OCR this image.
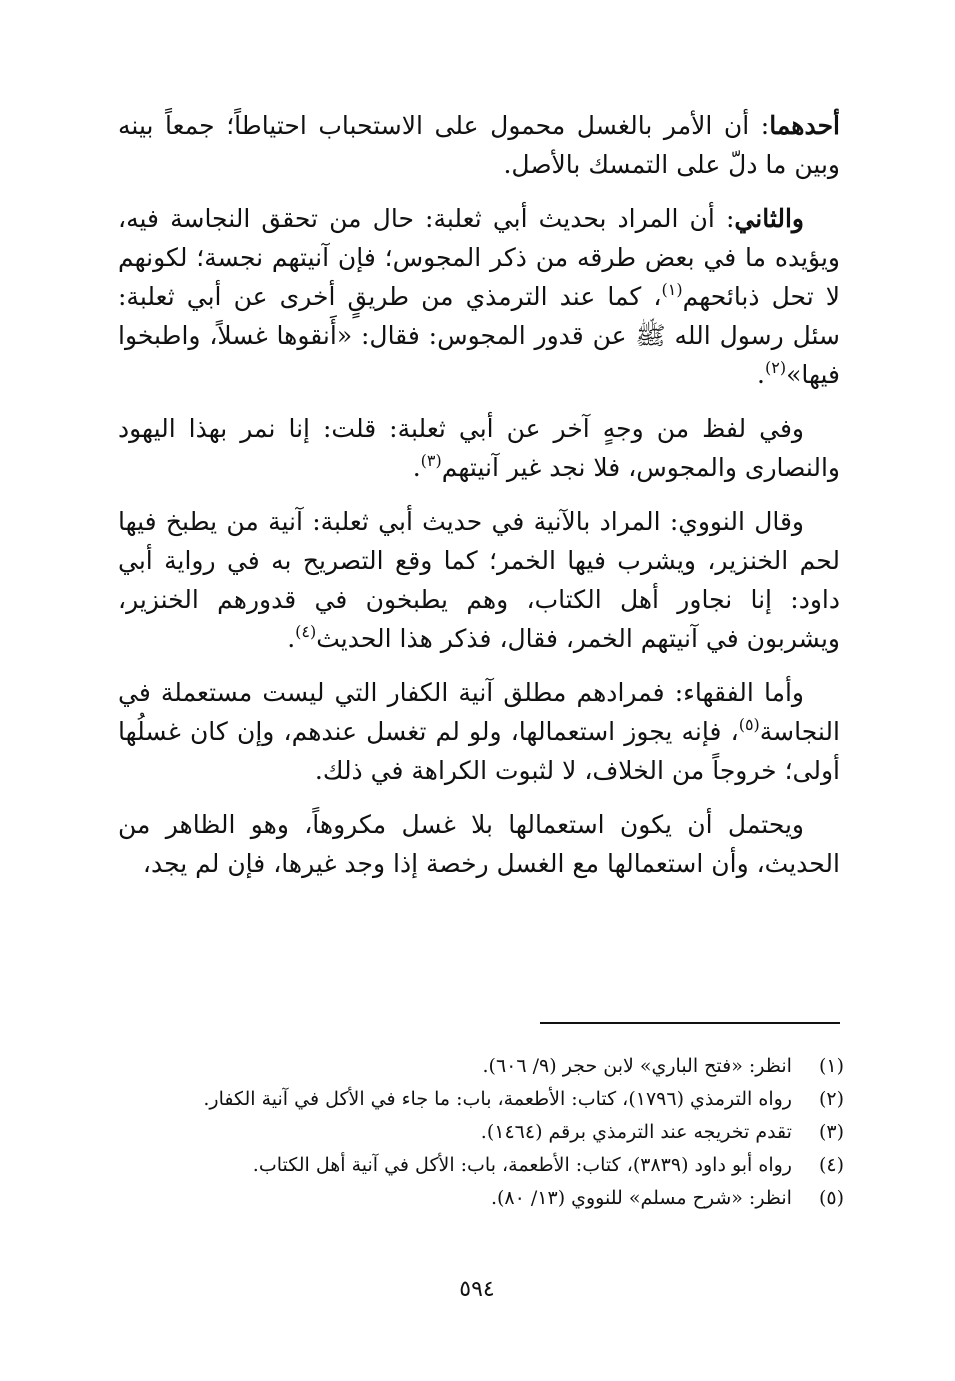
أحدهما: أن الأمر بالغسل محمول على الاستحباب احتياطاً؛ جمعاً بينه وبين ما دلّ على التمسك بالأصل.

والثاني: أن المراد بحديث أبي ثعلبة: حال من تحقق النجاسة فيه، ويؤيده ما في بعض طرقه من ذكر المجوس؛ فإن آنيتهم نجسة؛ لكونهم لا تحل ذبائحهم$^{(١)}$، كما عند الترمذي من طريقٍ أخرى عن أبي ثعلبة: سئل رسول الله ﷺ عن قدور المجوس: فقال: «أَنقوها غسلاً، واطبخوا فيها»$^{(٢)}$.

وفي لفظ من وجهٍ آخر عن أبي ثعلبة: قلت: إنا نمر بهذا اليهود والنصارى والمجوس، فلا نجد غير آنيتهم$^{(٣)}$.

وقال النووي: المراد بالآنية في حديث أبي ثعلبة: آنية من يطبخ فيها لحم الخنزير، ويشرب فيها الخمر؛ كما وقع التصريح به في رواية أبي داود: إنا نجاور أهل الكتاب، وهم يطبخون في قدورهم الخنزير، ويشربون في آنيتهم الخمر، فقال، فذكر هذا الحديث$^{(٤)}$.

وأما الفقهاء: فمرادهم مطلق آنية الكفار التي ليست مستعملة في النجاسة$^{(٥)}$، فإنه يجوز استعمالها، ولو لم تغسل عندهم، وإن كان غسلُها أولى؛ خروجاً من الخلاف، لا لثبوت الكراهة في ذلك.

ويحتمل أن يكون استعمالها بلا غسل مكروهاً، وهو الظاهر من الحديث، وأن استعمالها مع الغسل رخصة إذا وجد غيرها، فإن لم يجد،

(١) انظر: «فتح الباري» لابن حجر (٩/ ٦٠٦).
(٢) رواه الترمذي (١٧٩٦)، كتاب: الأطعمة، باب: ما جاء في الأكل في آنية الكفار.
(٣) تقدم تخريجه عند الترمذي برقم (١٤٦٤).
(٤) رواه أبو داود (٣٨٣٩)، كتاب: الأطعمة، باب: الأكل في آنية أهل الكتاب.
(٥) انظر: «شرح مسلم» للنووي (١٣/ ٨٠).
٥٩٤
